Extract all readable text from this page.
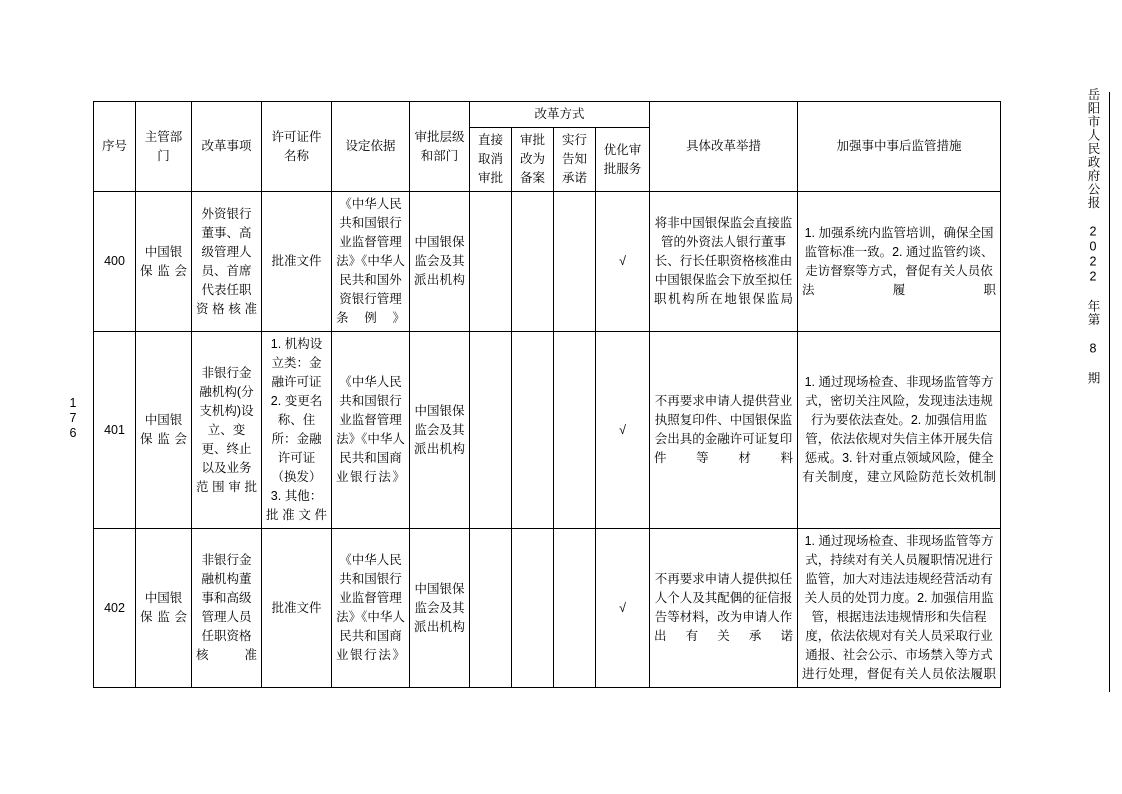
岳阳市人民政府公报 2022 年第 8 期
176
序号	主管部门	改革事项	许可证件名称	设定依据	审批层级和部门	改革方式				具体改革举措	加强事中事后监管措施
						直接取消审批	审批改为备案	实行告知承诺	优化审批服务		
400	中国银保监会	外资银行董事、高级管理人员、首席代表任职资格核准	批准文件	《中华人民共和国银行业监督管理法》《中华人民共和国外资银行管理条例》	中国银保监会及其派出机构				√	将非中国银保监会直接监管的外资法人银行董事长、行长任职资格核准由中国银保监会下放至拟任职机构所在地银保监局	1. 加强系统内监管培训，确保全国监管标准一致。2. 通过监管约谈、走访督察等方式，督促有关人员依法履职
401	中国银保监会	非银行金融机构(分支机构)设立、变更、终止以及业务范围审批	1. 机构设立类：金融许可证 2. 变更名称、住所：金融许可证（换发） 3. 其他：批准文件	《中华人民共和国银行业监督管理法》《中华人民共和国商业银行法》	中国银保监会及其派出机构				√	不再要求申请人提供营业执照复印件、中国银保监会出具的金融许可证复印件等材料	1. 通过现场检查、非现场监管等方式，密切关注风险，发现违法违规行为要依法查处。2. 加强信用监管，依法依规对失信主体开展失信惩戒。3. 针对重点领域风险，健全有关制度，建立风险防范长效机制
402	中国银保监会	非银行金融机构董事和高级管理人员任职资格核准	批准文件	《中华人民共和国银行业监督管理法》《中华人民共和国商业银行法》	中国银保监会及其派出机构				√	不再要求申请人提供拟任人个人及其配偶的征信报告等材料，改为申请人作出有关承诺	1. 通过现场检查、非现场监管等方式，持续对有关人员履职情况进行监管，加大对违法违规经营活动有关人员的处罚力度。2. 加强信用监管，根据违法违规情形和失信程度，依法依规对有关人员采取行业通报、社会公示、市场禁入等方式进行处理，督促有关人员依法履职
